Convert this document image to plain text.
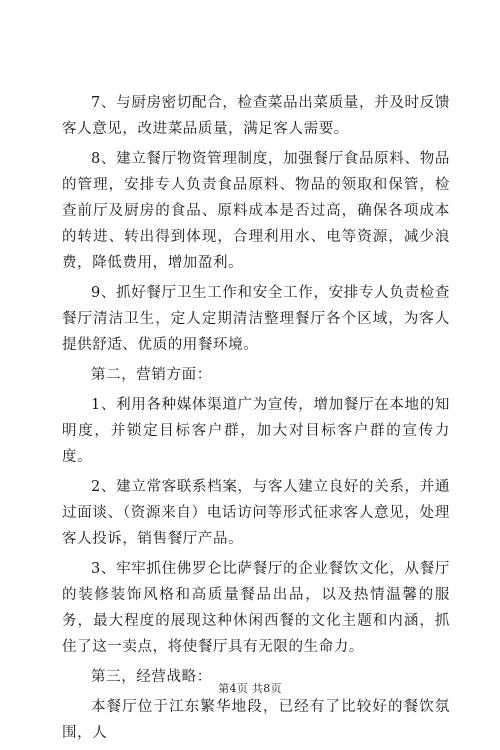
7、与厨房密切配合，检查菜品出菜质量，并及时反馈客人意见，改进菜品质量，满足客人需要。

8、建立餐厅物资管理制度，加强餐厅食品原料、物品的管理，安排专人负责食品原料、物品的领取和保管，检查前厅及厨房的食品、原料成本是否过高，确保各项成本的转进、转出得到体现，合理利用水、电等资源，减少浪费，降低费用，增加盈利。

9、抓好餐厅卫生工作和安全工作，安排专人负责检查餐厅清洁卫生，定人定期清洁整理餐厅各个区域，为客人提供舒适、优质的用餐环境。

第二，营销方面：

1、利用各种媒体渠道广为宣传，增加餐厅在本地的知明度，并锁定目标客户群，加大对目标客户群的宣传力度。

2、建立常客联系档案，与客人建立良好的关系，并通过面谈、（资源来自）电话访问等形式征求客人意见，处理客人投诉，销售餐厅产品。

3、牢牢抓住佛罗仑比萨餐厅的企业餐饮文化，从餐厅的装修装饰风格和高质量餐品出品，以及热情温馨的服务，最大程度的展现这种休闲西餐的文化主题和内涵，抓住了这一卖点，将使餐厅具有无限的生命力。

第三，经营战略：

本餐厅位于江东繁华地段，已经有了比较好的餐饮氛围，人

第4页 共8页
